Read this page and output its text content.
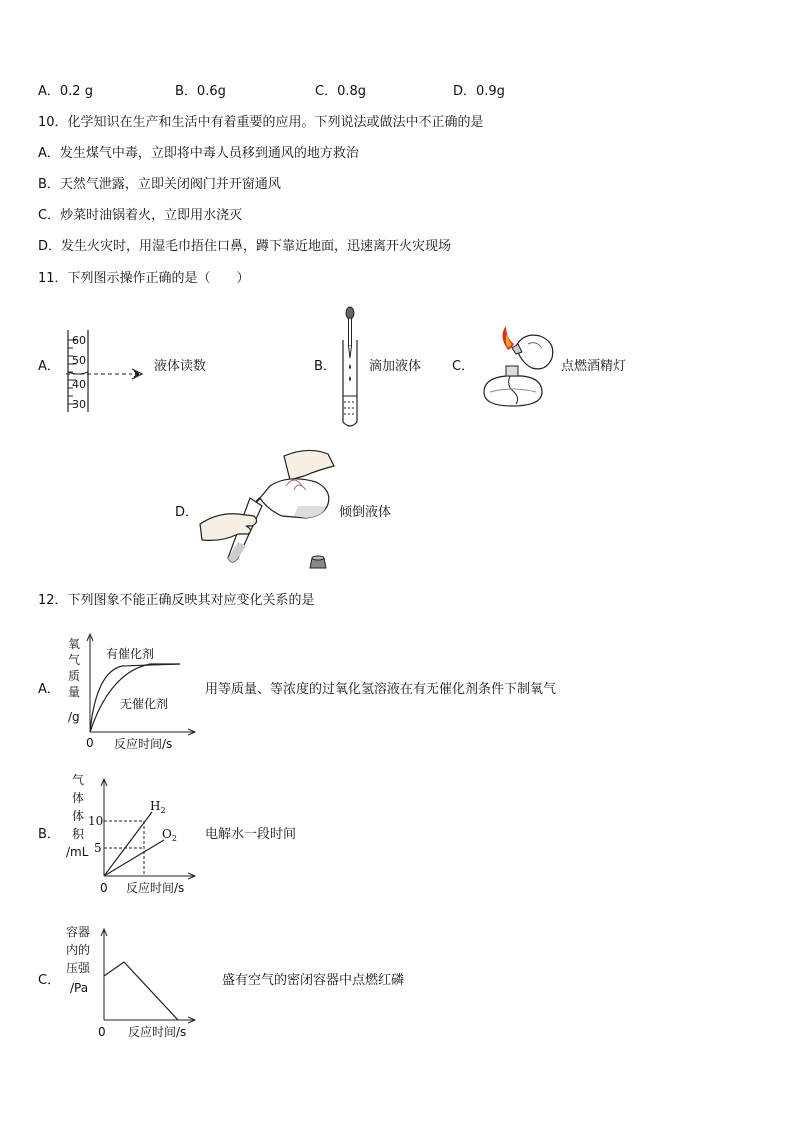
A．0.2 g	B．0.6g	C．0.8g	D．0.9g
10．化学知识在生产和生活中有着重要的应用。下列说法或做法中不正确的是
A．发生煤气中毒，立即将中毒人员移到通风的地方救治
B．天然气泄露，立即关闭阀门并开窗通风
C．炒菜时油锅着火，立即用水浇灭
D．发生火灾时，用湿毛巾捂住口鼻，蹲下靠近地面，迅速离开火灾现场
11．下列图示操作正确的是（　　）
A．
60
50
40
30
液体读数	B．	滴加液体 C．	点燃酒精灯
D．	倾倒液体
12．下列图象不能正确反映其对应变化关系的是
A．
氧
气
质
量
/g
有催化剂
无催化剂
0 反应时间/s
用等质量、等浓度的过氧化氢溶液在有无催化剂条件下制氧气
B．
气
体
体
积
/mL
10
5
$H_2$
$O_2$
0 反应时间/s
电解水一段时间
C．
容器
内的
压强
/Pa
0 反应时间/s
盛有空气的密闭容器中点燃红磷
